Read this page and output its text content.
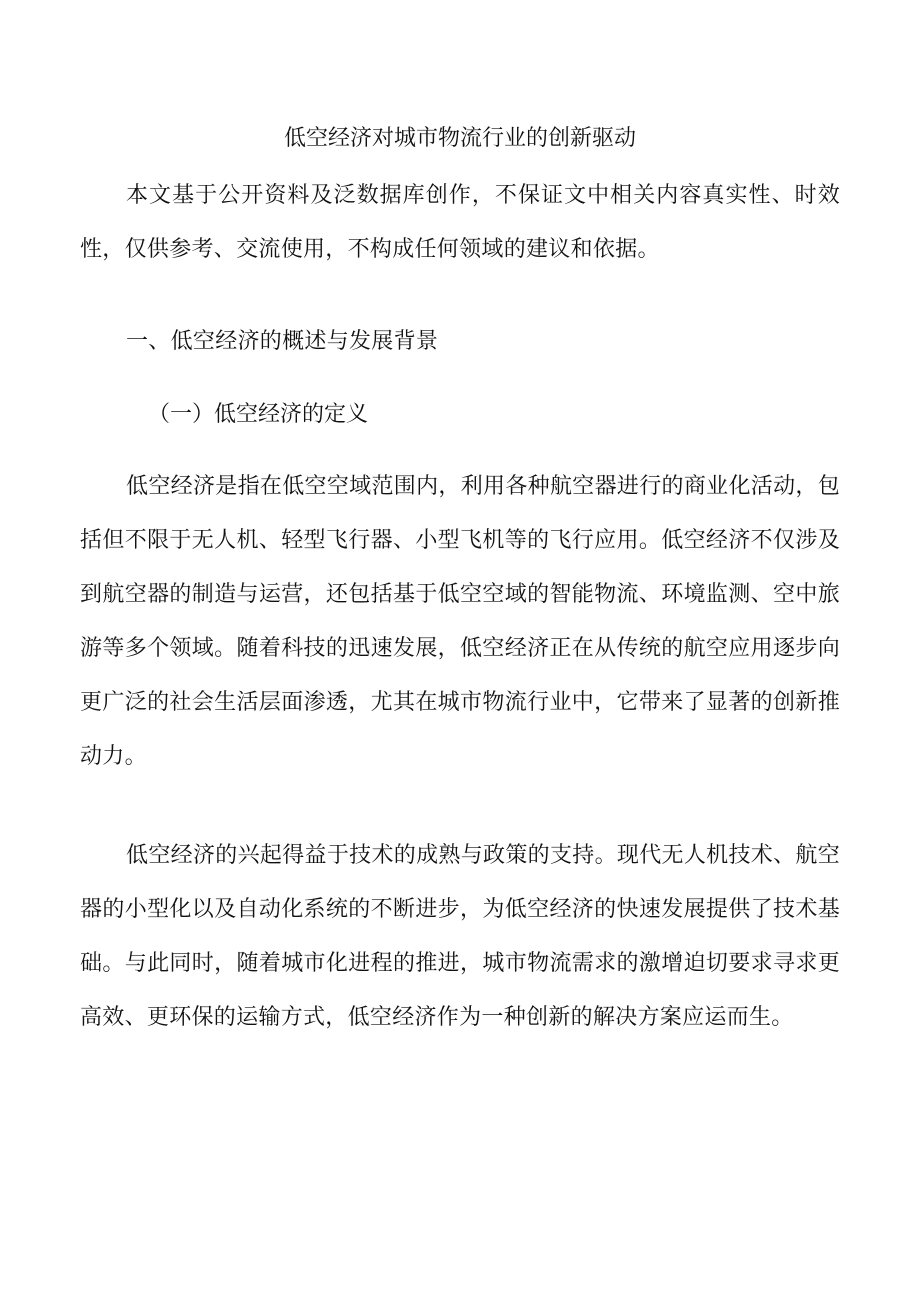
低空经济对城市物流行业的创新驱动

本文基于公开资料及泛数据库创作，不保证文中相关内容真实性、时效性，仅供参考、交流使用，不构成任何领域的建议和依据。

一、低空经济的概述与发展背景

（一）低空经济的定义

低空经济是指在低空空域范围内，利用各种航空器进行的商业化活动，包括但不限于无人机、轻型飞行器、小型飞机等的飞行应用。低空经济不仅涉及到航空器的制造与运营，还包括基于低空空域的智能物流、环境监测、空中旅游等多个领域。随着科技的迅速发展，低空经济正在从传统的航空应用逐步向更广泛的社会生活层面渗透，尤其在城市物流行业中，它带来了显著的创新推动力。

低空经济的兴起得益于技术的成熟与政策的支持。现代无人机技术、航空器的小型化以及自动化系统的不断进步，为低空经济的快速发展提供了技术基础。与此同时，随着城市化进程的推进，城市物流需求的激增迫切要求寻求更高效、更环保的运输方式，低空经济作为一种创新的解决方案应运而生。
